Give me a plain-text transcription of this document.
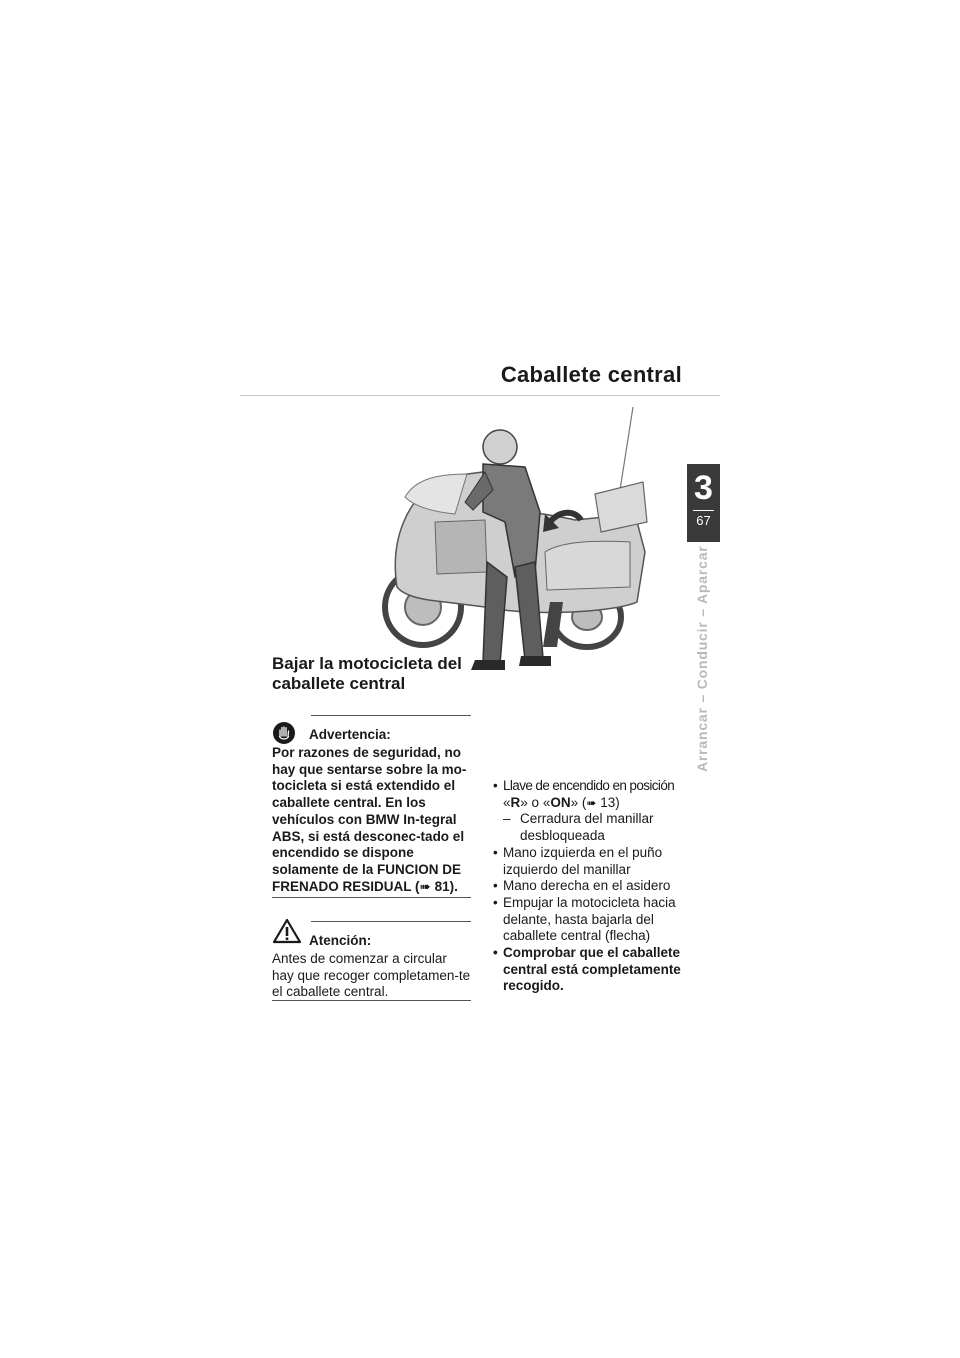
Caballete central
3
67
Arrancar – Conducir – Aparcar
Bajar la motocicleta del caballete central
Advertencia:
Por razones de seguridad, no hay que sentarse sobre la mo-tocicleta si está extendido el caballete central. En los vehículos con BMW In-tegral ABS, si está desconec-tado el encendido se dispone solamente de la FUNCION DE FRENADO RESIDUAL (➠ 81).
Atención:
Antes de comenzar a circular hay que recoger completamen-te el caballete central.
• Llave de encendido en posición
«R» o «ON» (➠ 13)
– Cerradura del manillar desbloqueada
• Mano izquierda en el puño izquierdo del manillar
• Mano derecha en el asidero
• Empujar la motocicleta hacia delante, hasta bajarla del caballete central (flecha)
• Comprobar que el caballete central está completamente recogido.
